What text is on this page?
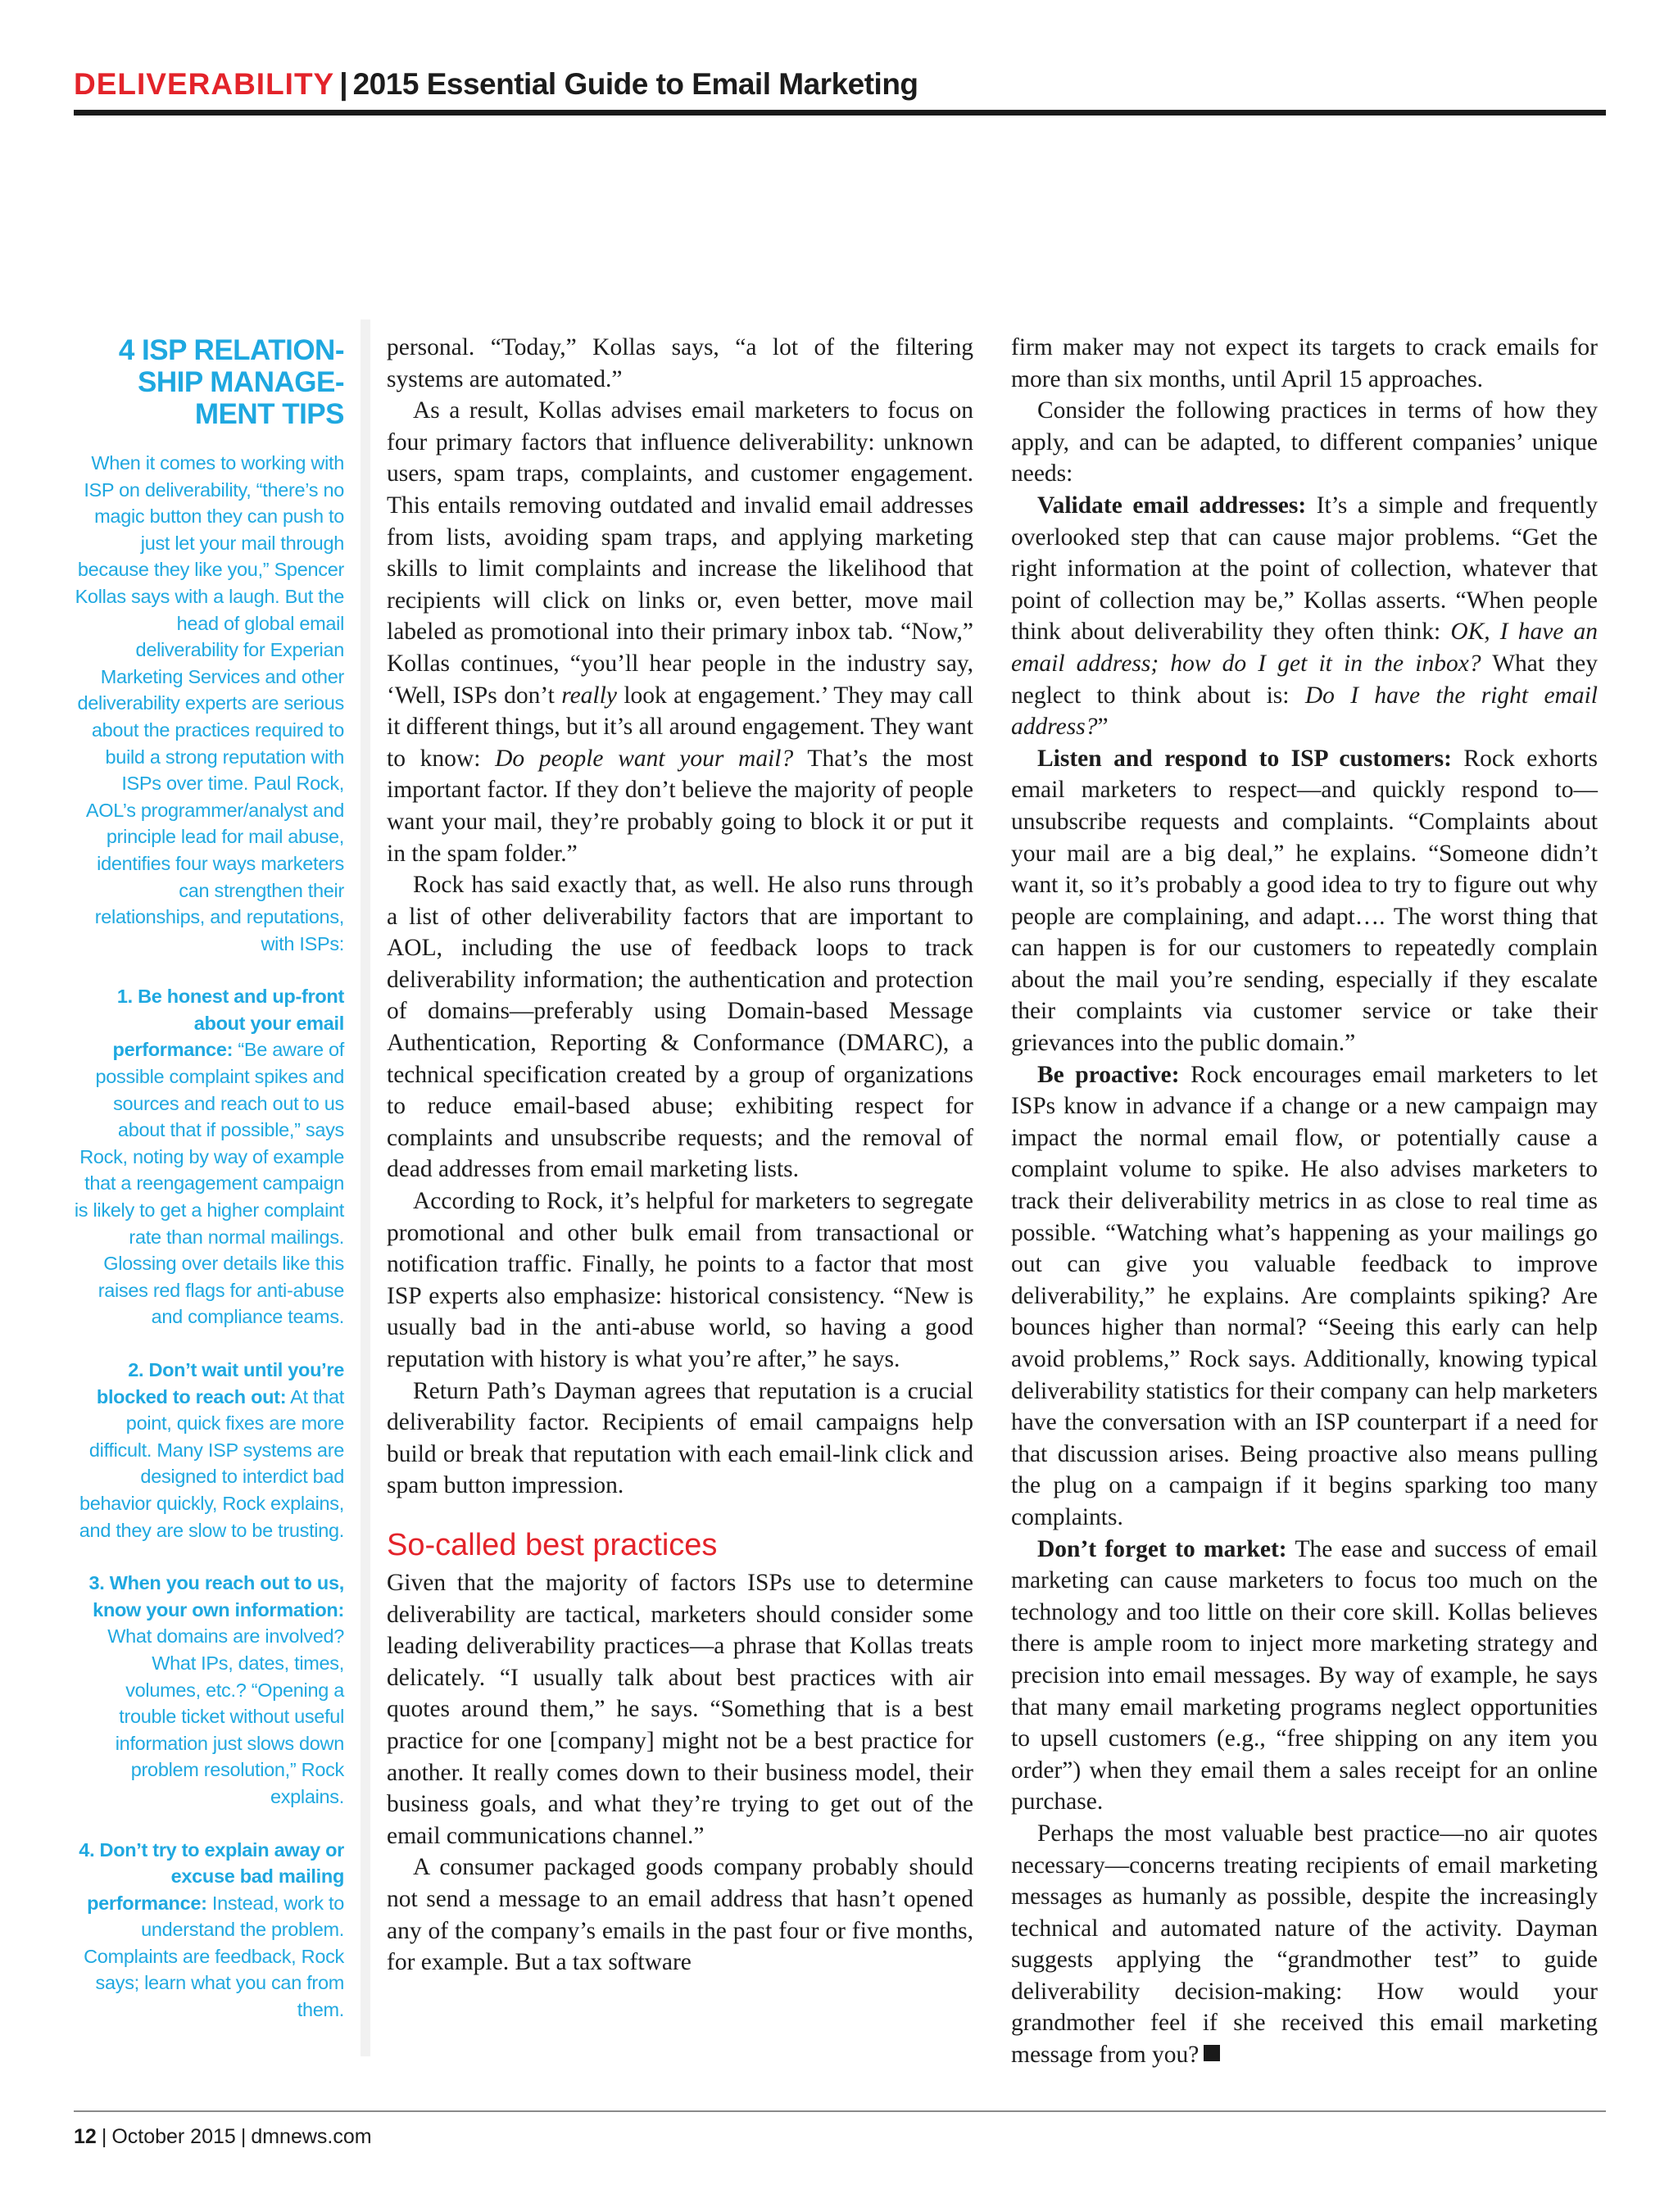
DELIVERABILITY | 2015 Essential Guide to Email Marketing
4 ISP RELATION-SHIP MANAGE-MENT TIPS
When it comes to working with ISP on deliverability, “there’s no magic button they can push to just let your mail through because they like you,” Spencer Kollas says with a laugh. But the head of global email deliverability for Experian Marketing Services and other deliverability experts are serious about the practices required to build a strong reputation with ISPs over time. Paul Rock, AOL’s programmer/analyst and principle lead for mail abuse, identifies four ways marketers can strengthen their relationships, and reputations, with ISPs:
1. Be honest and up-front about your email performance: “Be aware of possible complaint spikes and sources and reach out to us about that if possible,” says Rock, noting by way of example that a reengagement campaign is likely to get a higher complaint rate than normal mailings. Glossing over details like this raises red flags for anti-abuse and compliance teams.
2. Don’t wait until you’re blocked to reach out: At that point, quick fixes are more difficult. Many ISP systems are designed to interdict bad behavior quickly, Rock explains, and they are slow to be trusting.
3. When you reach out to us, know your own information: What domains are involved? What IPs, dates, times, volumes, etc.? “Opening a trouble ticket without useful information just slows down problem resolution,” Rock explains.
4. Don’t try to explain away or excuse bad mailing performance: Instead, work to understand the problem. Complaints are feedback, Rock says; learn what you can from them.

personal. “Today,” Kollas says, “a lot of the filtering systems are automated.”

As a result, Kollas advises email marketers to focus on four primary factors that influence deliverability: unknown users, spam traps, complaints, and customer engagement. This entails removing outdated and invalid email addresses from lists, avoiding spam traps, and applying marketing skills to limit complaints and increase the likelihood that recipients will click on links or, even better, move mail labeled as promotional into their primary inbox tab. “Now,” Kollas continues, “you’ll hear people in the industry say, ‘Well, ISPs don’t really look at engagement.’ They may call it different things, but it’s all around engagement. They want to know: Do people want your mail? That’s the most important factor. If they don’t believe the majority of people want your mail, they’re probably going to block it or put it in the spam folder.”

Rock has said exactly that, as well. He also runs through a list of other deliverability factors that are important to AOL, including the use of feedback loops to track deliverability information; the authentication and protection of domains—preferably using Domain-based Message Authentication, Reporting & Conformance (DMARC), a technical specification created by a group of organizations to reduce email-based abuse; exhibiting respect for complaints and unsubscribe requests; and the removal of dead addresses from email marketing lists.

According to Rock, it’s helpful for marketers to segregate promotional and other bulk email from transactional or notification traffic. Finally, he points to a factor that most ISP experts also emphasize: historical consistency. “New is usually bad in the anti-abuse world, so having a good reputation with history is what you’re after,” he says.

Return Path’s Dayman agrees that reputation is a crucial deliverability factor. Recipients of email campaigns help build or break that reputation with each email-link click and spam button impression.

So-called best practices

Given that the majority of factors ISPs use to determine deliverability are tactical, marketers should consider some leading deliverability practices—a phrase that Kollas treats delicately. “I usually talk about best practices with air quotes around them,” he says. “Something that is a best practice for one [company] might not be a best practice for another. It really comes down to their business model, their business goals, and what they’re trying to get out of the email communications channel.”

A consumer packaged goods company probably should not send a message to an email address that hasn’t opened any of the company’s emails in the past four or five months, for example. But a tax software

firm maker may not expect its targets to crack emails for more than six months, until April 15 approaches.

Consider the following practices in terms of how they apply, and can be adapted, to different companies’ unique needs:

Validate email addresses: It’s a simple and frequently overlooked step that can cause major problems. “Get the right information at the point of collection, whatever that point of collection may be,” Kollas asserts. “When people think about deliverability they often think: OK, I have an email address; how do I get it in the inbox? What they neglect to think about is: Do I have the right email address?”

Listen and respond to ISP customers: Rock exhorts email marketers to respect—and quickly respond to—unsubscribe requests and complaints. “Complaints about your mail are a big deal,” he explains. “Someone didn’t want it, so it’s probably a good idea to try to figure out why people are complaining, and adapt…. The worst thing that can happen is for our customers to repeatedly complain about the mail you’re sending, especially if they escalate their complaints via customer service or take their grievances into the public domain.”

Be proactive: Rock encourages email marketers to let ISPs know in advance if a change or a new campaign may impact the normal email flow, or potentially cause a complaint volume to spike. He also advises marketers to track their deliverability metrics in as close to real time as possible. “Watching what’s happening as your mailings go out can give you valuable feedback to improve deliverability,” he explains. Are complaints spiking? Are bounces higher than normal? “Seeing this early can help avoid problems,” Rock says. Additionally, knowing typical deliverability statistics for their company can help marketers have the conversation with an ISP counterpart if a need for that discussion arises. Being proactive also means pulling the plug on a campaign if it begins sparking too many complaints.

Don’t forget to market: The ease and success of email marketing can cause marketers to focus too much on the technology and too little on their core skill. Kollas believes there is ample room to inject more marketing strategy and precision into email messages. By way of example, he says that many email marketing programs neglect opportunities to upsell customers (e.g., “free shipping on any item you order”) when they email them a sales receipt for an online purchase.

Perhaps the most valuable best practice—no air quotes necessary—concerns treating recipients of email marketing messages as humanly as possible, despite the increasingly technical and automated nature of the activity. Dayman suggests applying the “grandmother test” to guide deliverability decision-making: How would your grandmother feel if she received this email marketing message from you?

12 | October 2015 | dmnews.com
